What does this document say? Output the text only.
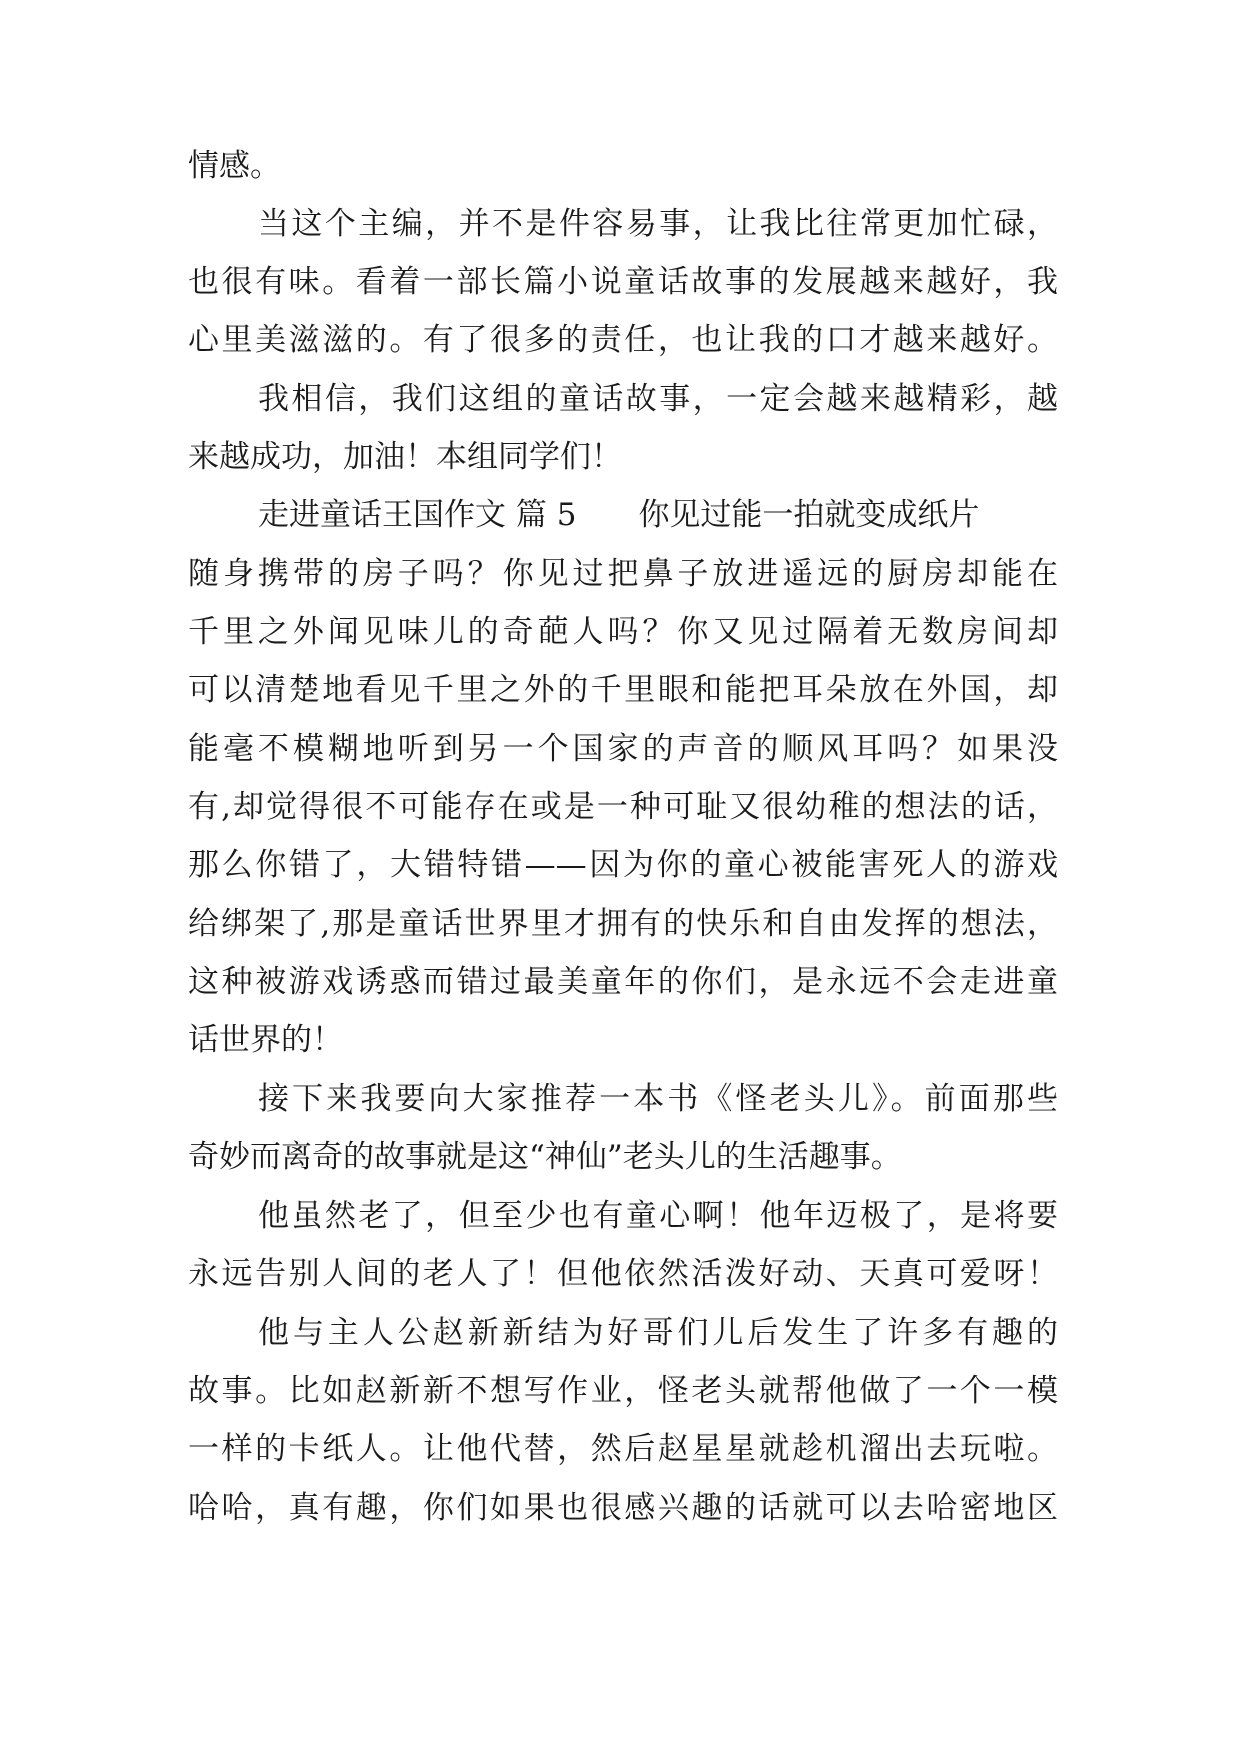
情感。
当这个主编，并不是件容易事，让我比往常更加忙碌，
也很有味。看着一部长篇小说童话故事的发展越来越好，我
心里美滋滋的。有了很多的责任，也让我的口才越来越好。
我相信，我们这组的童话故事，一定会越来越精彩，越
来越成功，加油！本组同学们！
走进童话王国作文 篇 5 你见过能一拍就变成纸片
随身携带的房子吗？你见过把鼻子放进遥远的厨房却能在
千里之外闻见味儿的奇葩人吗？你又见过隔着无数房间却
可以清楚地看见千里之外的千里眼和能把耳朵放在外国，却
能毫不模糊地听到另一个国家的声音的顺风耳吗？如果没
有,却觉得很不可能存在或是一种可耻又很幼稚的想法的话，
那么你错了，大错特错——因为你的童心被能害死人的游戏
给绑架了,那是童话世界里才拥有的快乐和自由发挥的想法，
这种被游戏诱惑而错过最美童年的你们，是永远不会走进童
话世界的！
接下来我要向大家推荐一本书《怪老头儿》。前面那些
奇妙而离奇的故事就是这“神仙”老头儿的生活趣事。
他虽然老了，但至少也有童心啊！他年迈极了，是将要
永远告别人间的老人了！但他依然活泼好动、天真可爱呀！
他与主人公赵新新结为好哥们儿后发生了许多有趣的
故事。比如赵新新不想写作业，怪老头就帮他做了一个一模
一样的卡纸人。让他代替，然后赵星星就趁机溜出去玩啦。
哈哈，真有趣，你们如果也很感兴趣的话就可以去哈密地区
